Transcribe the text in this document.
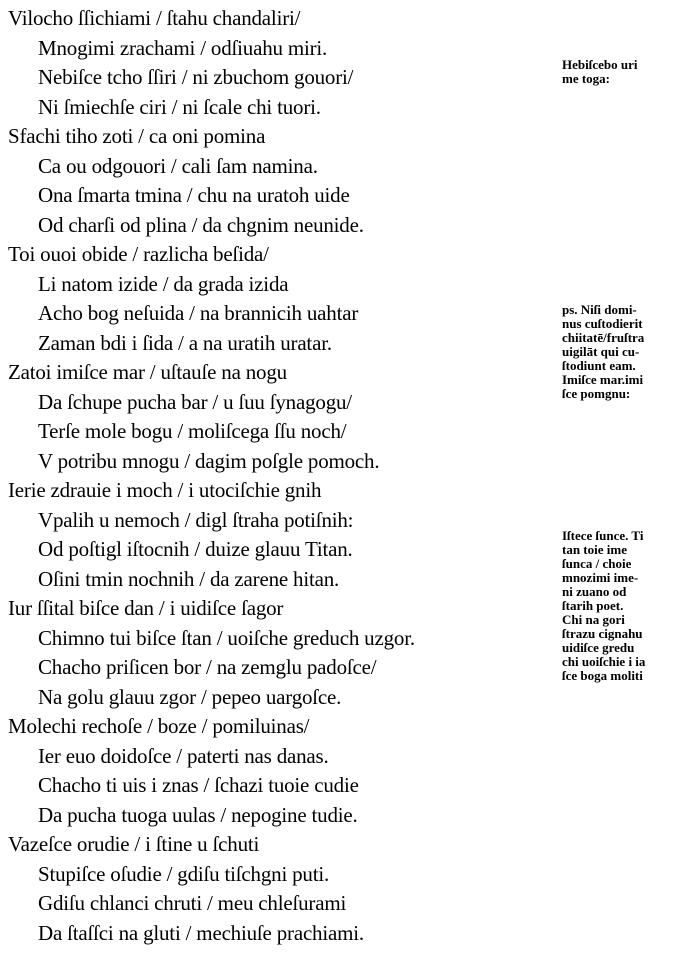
Vilocho ſſichiami / ſtahu chandaliri/
Mnogimi zrachami / odſiuahu miri.
Nebiſce tcho ſſiri / ni zbuchom gouori/
Ni ſmiechſe ciri / ni ſcale chi tuori.
Sfachi tiho zoti / ca oni pomina
Ca ou odgouori / cali ſam namina.
Ona ſmarta tmina / chu na uratoh uide
Od charſi od plina / da chgnim neunide.
Toi ouoi obide / razlicha beſida/
Li natom izide / da grada izida
Acho bog neſuida / na brannicih uahtar
Zaman bdi i ſida / a na uratih uratar.
Zatoi imiſce mar / uſtauſe na nogu
Da ſchupe pucha bar / u ſuu ſynagogu/
Terſe mole bogu / moliſcega ſſu noch/
V potribu mnogu / dagim poſgle pomoch.
Ierie zdrauie i moch / i utociſchie gnih
Vpalih u nemoch / digl ſtraha potiſnih:
Od poſtigl iſtocnih / duize glauu Titan.
Oſini tmin nochnih / da zarene hitan.
Iur ſſital biſce dan / i uidiſce ſagor
Chimno tui biſce ſtan / uoiſche greduch uzgor.
Chacho priſicen bor / na zemglu padoſce/
Na golu glauu zgor / pepeo uargoſce.
Molechi rechoſe / boze / pomiluinas/
Ier euo doidoſce / paterti nas danas.
Chacho ti uis i znas / ſchazi tuoie cudie
Da pucha tuoga uulas / nepogine tudie.
Vazeſce orudie / i ſtine u ſchuti
Stupiſce oſudie / gdiſu tiſchgni puti.
Gdiſu chlanci chruti / meu chleſurami
Da ſtaſſci na gluti / mechiuſe prachiami.
Hebiſcebo uri
me toga:
ps. Niſi domi-
nus cuſtodierit
chiitatē/fruſtra
uigilāt qui cu-
ſtodiunt eam.
Imiſce mar.imi
ſce pomgnu:
Iſtece ſunce. Ti
tan toie ime
ſunca / choie
mnozimi ime-
ni zuano od
ſtarih poet.
Chi na gori
ſtrazu cignahu
uidiſce gredu
chi uoiſchie i ia
ſce boga moliti
